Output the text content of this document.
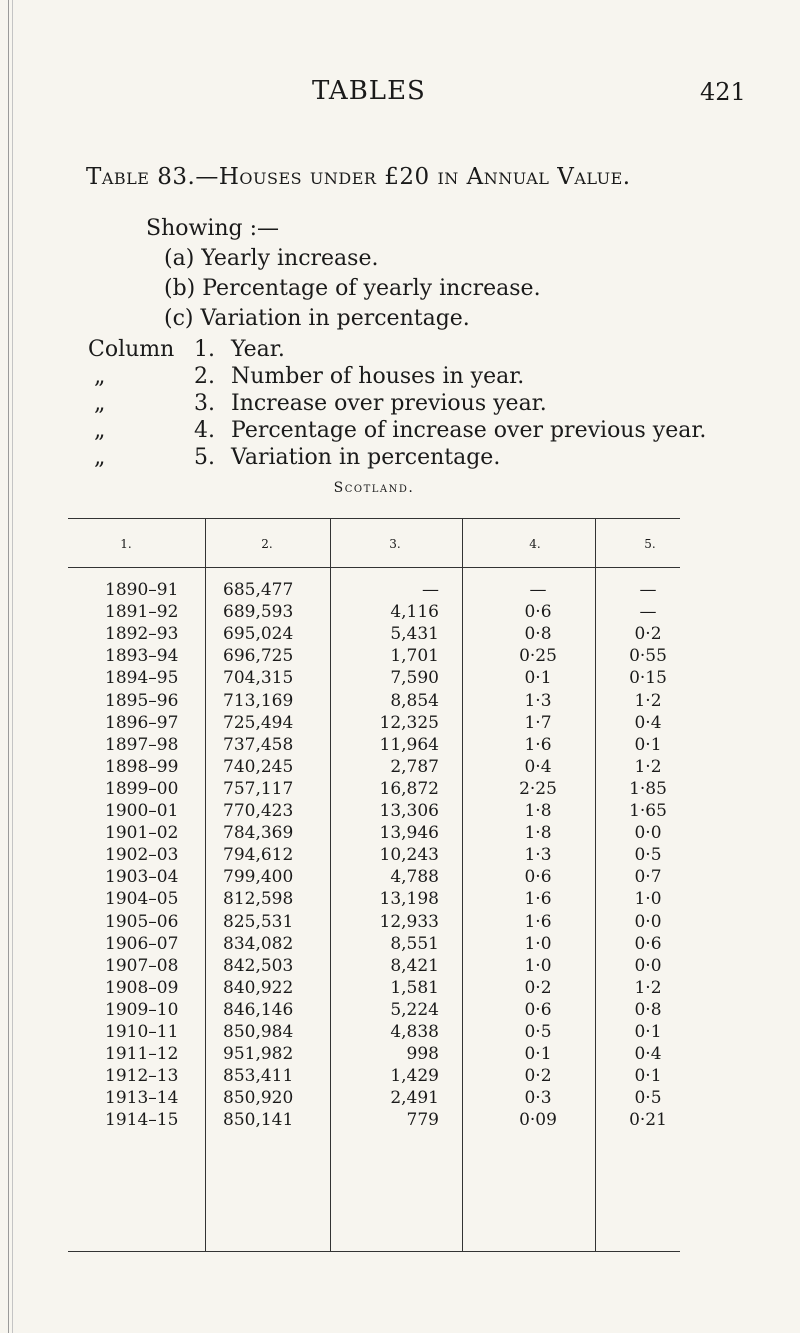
TABLES	421
Table 83.—Houses under £20 in Annual Value.
Showing :—
(a) Yearly increase.
(b) Percentage of yearly increase.
(c) Variation in percentage.
Column 1. Year.
„	2. Number of houses in year.
„	3. Increase over previous year.
„	4. Percentage of increase over previous year.
„	5. Variation in percentage.
Scotland.
1.	2.	3.	4.	5.
1890–91	685,477	—	—	—
1891–92	689,593	4,116	0·6	—
1892–93	695,024	5,431	0·8	0·2
1893–94	696,725	1,701	0·25	0·55
1894–95	704,315	7,590	0·1	0·15
1895–96	713,169	8,854	1·3	1·2
1896–97	725,494	12,325	1·7	0·4
1897–98	737,458	11,964	1·6	0·1
1898–99	740,245	2,787	0·4	1·2
1899–00	757,117	16,872	2·25	1·85
1900–01	770,423	13,306	1·8	1·65
1901–02	784,369	13,946	1·8	0·0
1902–03	794,612	10,243	1·3	0·5
1903–04	799,400	4,788	0·6	0·7
1904–05	812,598	13,198	1·6	1·0
1905–06	825,531	12,933	1·6	0·0
1906–07	834,082	8,551	1·0	0·6
1907–08	842,503	8,421	1·0	0·0
1908–09	840,922	1,581	0·2	1·2
1909–10	846,146	5,224	0·6	0·8
1910–11	850,984	4,838	0·5	0·1
1911–12	951,982	998	0·1	0·4
1912–13	853,411	1,429	0·2	0·1
1913–14	850,920	2,491	0·3	0·5
1914–15	850,141	779	0·09	0·21
